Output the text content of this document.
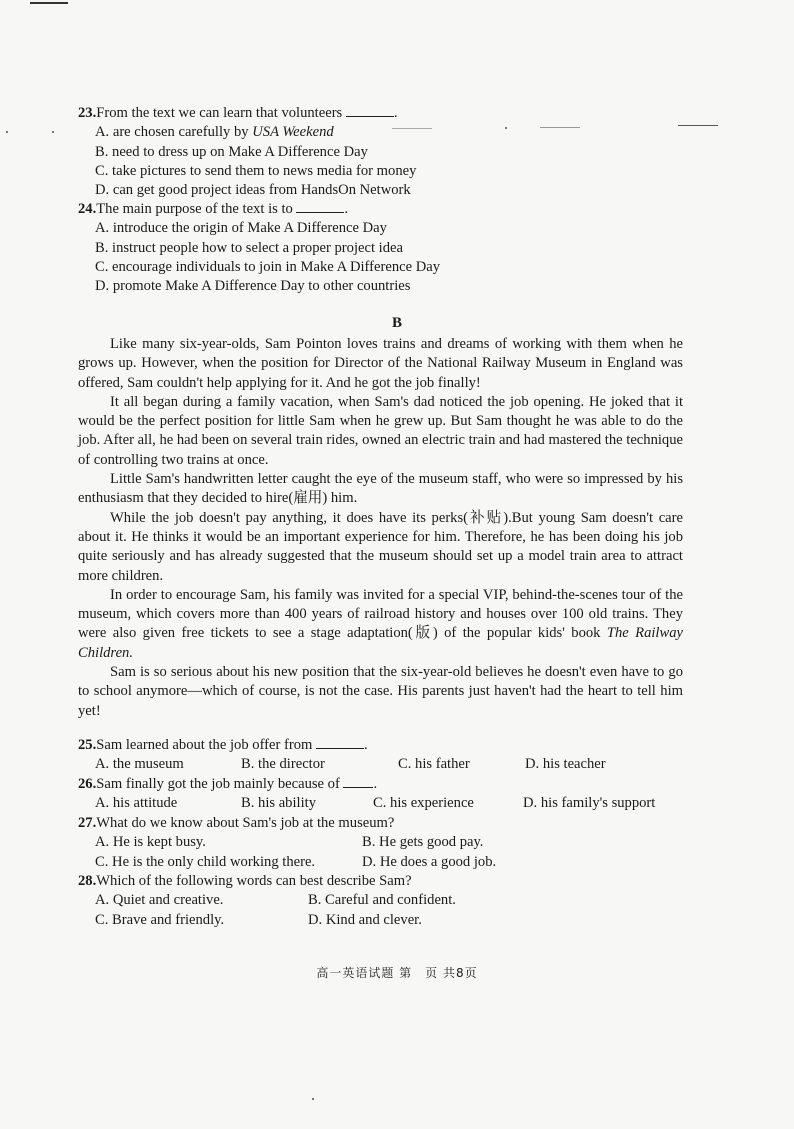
23.From the text we can learn that volunteers	.
A. are chosen carefully by USA Weekend
B. need to dress up on Make A Difference Day
C. take pictures to send them to news media for money
D. can get good project ideas from HandsOn Network
24.The main purpose of the text is to	.
A. introduce the origin of Make A Difference Day
B. instruct people how to select a proper project idea
C. encourage individuals to join in Make A Difference Day
D. promote Make A Difference Day to other countries
B

Like many six-year-olds, Sam Pointon loves trains and dreams of working with them when he grows up. However, when the position for Director of the National Railway Museum in England was offered, Sam couldn't help applying for it. And he got the job finally!

It all began during a family vacation, when Sam's dad noticed the job opening. He joked that it would be the perfect position for little Sam when he grew up. But Sam thought he was able to do the job. After all, he had been on several train rides, owned an electric train and had mastered the technique of controlling two trains at once.

Little Sam's handwritten letter caught the eye of the museum staff, who were so impressed by his enthusiasm that they decided to hire(雇用) him.

While the job doesn't pay anything, it does have its perks(补贴).But young Sam doesn't care about it. He thinks it would be an important experience for him. Therefore, he has been doing his job quite seriously and has already suggested that the museum should set up a model train area to attract more children.

In order to encourage Sam, his family was invited for a special VIP, behind-the-scenes tour of the museum, which covers more than 400 years of railroad history and houses over 100 old trains. They were also given free tickets to see a stage adaptation(版) of the popular kids' book The Railway Children.

Sam is so serious about his new position that the six-year-old believes he doesn't even have to go to school anymore—which of course, is not the case. His parents just haven't had the heart to tell him yet!

25.Sam learned about the job offer from	.
A. the museum	B. the director	C. his father	D. his teacher
26.Sam finally got the job mainly because of .
A. his attitude	B. his ability	C. his experience	D. his family's support
27.What do we know about Sam's job at the museum?
A. He is kept busy.	B. He gets good pay.
C. He is the only child working there.	D. He does a good job.
28.Which of the following words can best describe Sam?
A. Quiet and creative.	B. Careful and confident.
C. Brave and friendly.	D. Kind and clever.
高一英语试题 第　页 共8页
